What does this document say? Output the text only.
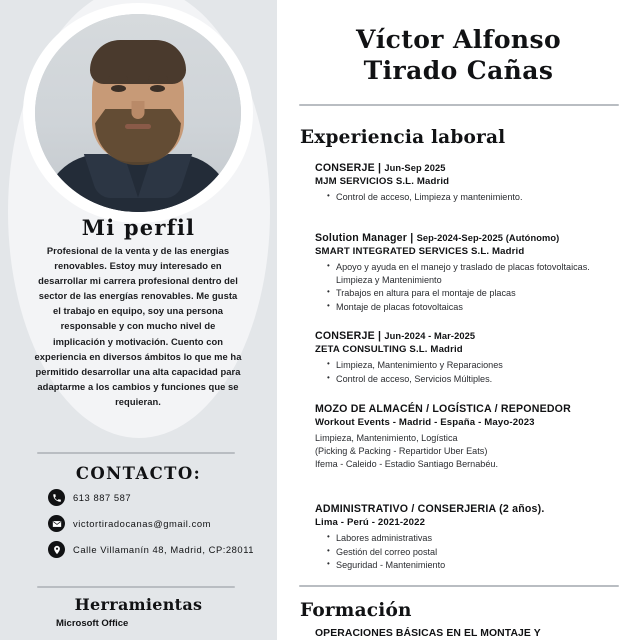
Mi perfil
Profesional de la venta y de las energias renovables. Estoy muy interesado en desarrollar mi carrera profesional dentro del sector de las energías renovables. Me gusta el trabajo en equipo, soy una persona responsable y con mucho nivel de implicación y motivación. Cuento con experiencia en diversos ámbitos lo que me ha permitido desarrollar una alta capacidad para adaptarme a los cambios y funciones que se requieran.
CONTACTO:
613 887 587
victortiradocanas@gmail.com
Calle Villamanín 48, Madrid, CP:28011
Herramientas
Microsoft Office
Víctor Alfonso
Tirado Cañas
Experiencia laboral
CONSERJE | Jun-Sep 2025
MJM SERVICIOS S.L. Madrid
• Control de acceso, Limpieza y mantenimiento.
Solution Manager | Sep-2024-Sep-2025 (Autónomo)
SMART INTEGRATED SERVICES S.L. Madrid
• Apoyo y ayuda en el manejo y traslado de placas fotovoltaicas. Limpieza y Mantenimiento
• Trabajos en altura para el montaje de placas
• Montaje de placas fotovoltaicas
CONSERJE | Jun-2024 - Mar-2025
ZETA CONSULTING S.L. Madrid
• Limpieza, Mantenimiento y Reparaciones
• Control de acceso, Servicios Múltiples.
MOZO DE ALMACÉN / LOGÍSTICA / REPONEDOR
Workout Events - Madrid - España - Mayo-2023
Limpieza, Mantenimiento, Logística
(Picking & Packing - Repartidor Uber Eats)
Ifema - Caleido - Estadio Santiago Bernabéu.
ADMINISTRATIVO / CONSERJERIA (2 años).
Lima - Perú - 2021-2022
• Labores administrativas
• Gestión del correo postal
• Seguridad - Mantenimiento
Formación
OPERACIONES BÁSICAS EN EL MONTAJE Y
